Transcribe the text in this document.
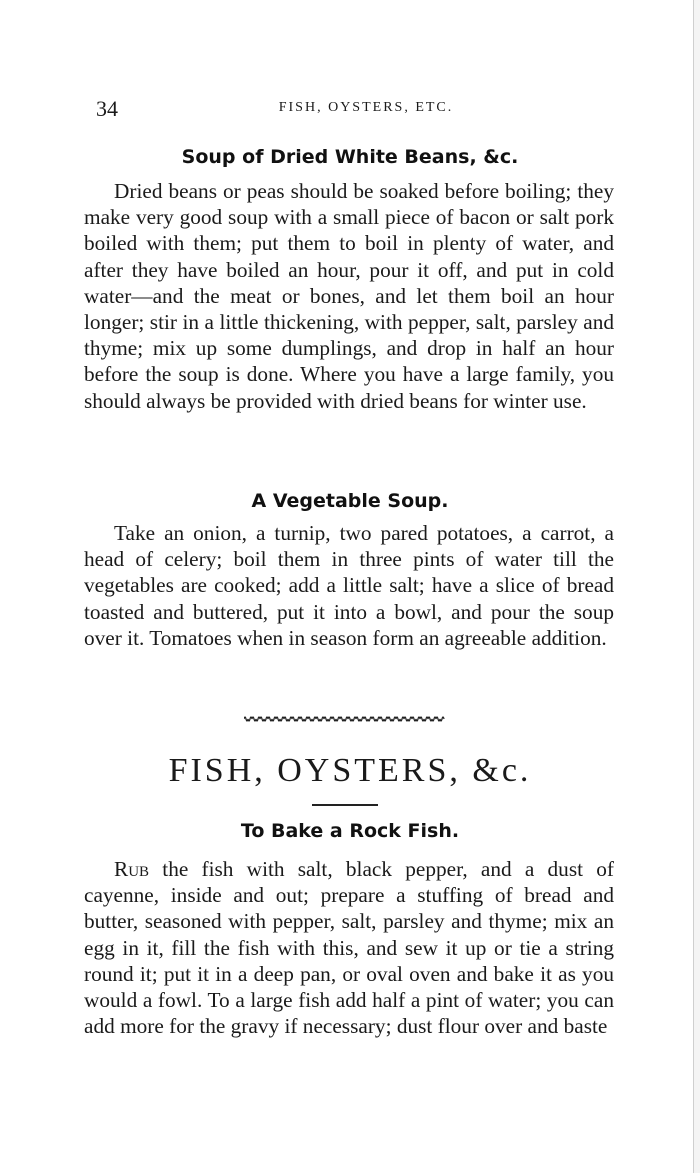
34	FISH, OYSTERS, ETC.
Soup of Dried White Beans, &c.

Dried beans or peas should be soaked before boiling; they make very good soup with a small piece of bacon or salt pork boiled with them; put them to boil in plenty of water, and after they have boiled an hour, pour it off, and put in cold water—and the meat or bones, and let them boil an hour longer; stir in a little thickening, with pepper, salt, parsley and thyme; mix up some dumplings, and drop in half an hour before the soup is done. Where you have a large family, you should always be provided with dried beans for winter use.

A Vegetable Soup.

Take an onion, a turnip, two pared potatoes, a carrot, a head of celery; boil them in three pints of water till the vegetables are cooked; add a little salt; have a slice of bread toasted and buttered, put it into a bowl, and pour the soup over it. Tomatoes when in season form an agreeable addition.

FISH, OYSTERS, &c.
To Bake a Rock Fish.

Rub the fish with salt, black pepper, and a dust of cayenne, inside and out; prepare a stuffing of bread and butter, seasoned with pepper, salt, parsley and thyme; mix an egg in it, fill the fish with this, and sew it up or tie a string round it; put it in a deep pan, or oval oven and bake it as you would a fowl. To a large fish add half a pint of water; you can add more for the gravy if necessary; dust flour over and baste
